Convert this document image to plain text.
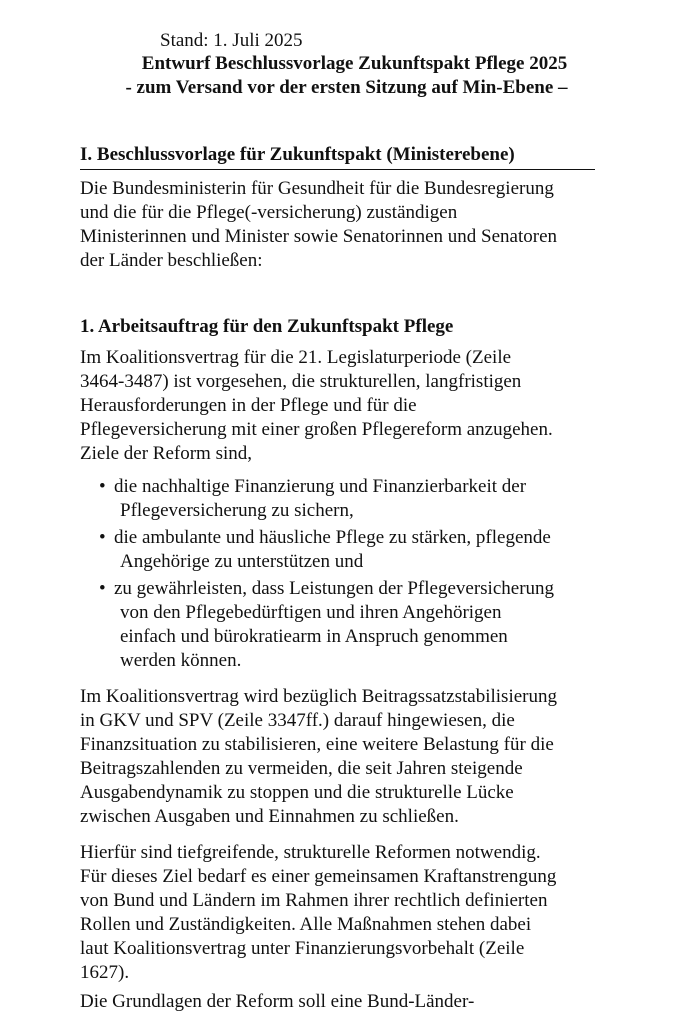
Stand: 1. Juli 2025
Entwurf Beschlussvorlage Zukunftspakt Pflege 2025
- zum Versand vor der ersten Sitzung auf Min-Ebene –
I. Beschlussvorlage für Zukunftspakt (Ministerebene)
Die Bundesministerin für Gesundheit für die Bundesregierung
und die für die Pflege(-versicherung) zuständigen
Ministerinnen und Minister sowie Senatorinnen und Senatoren
der Länder beschließen:
1. Arbeitsauftrag für den Zukunftspakt Pflege
Im Koalitionsvertrag für die 21. Legislaturperiode (Zeile
3464-3487) ist vorgesehen, die strukturellen, langfristigen
Herausforderungen in der Pflege und für die
Pflegeversicherung mit einer großen Pflegereform anzugehen.
Ziele der Reform sind,
• die nachhaltige Finanzierung und Finanzierbarkeit der
Pflegeversicherung zu sichern,
• die ambulante und häusliche Pflege zu stärken, pflegende
Angehörige zu unterstützen und
• zu gewährleisten, dass Leistungen der Pflegeversicherung
von den Pflegebedürftigen und ihren Angehörigen
einfach und bürokratiearm in Anspruch genommen
werden können.
Im Koalitionsvertrag wird bezüglich Beitragssatzstabilisierung
in GKV und SPV (Zeile 3347ff.) darauf hingewiesen, die
Finanzsituation zu stabilisieren, eine weitere Belastung für die
Beitragszahlenden zu vermeiden, die seit Jahren steigende
Ausgabendynamik zu stoppen und die strukturelle Lücke
zwischen Ausgaben und Einnahmen zu schließen.
Hierfür sind tiefgreifende, strukturelle Reformen notwendig.
Für dieses Ziel bedarf es einer gemeinsamen Kraftanstrengung
von Bund und Ländern im Rahmen ihrer rechtlich definierten
Rollen und Zuständigkeiten. Alle Maßnahmen stehen dabei
laut Koalitionsvertrag unter Finanzierungsvorbehalt (Zeile
1627).
Die Grundlagen der Reform soll eine Bund-Länder-
